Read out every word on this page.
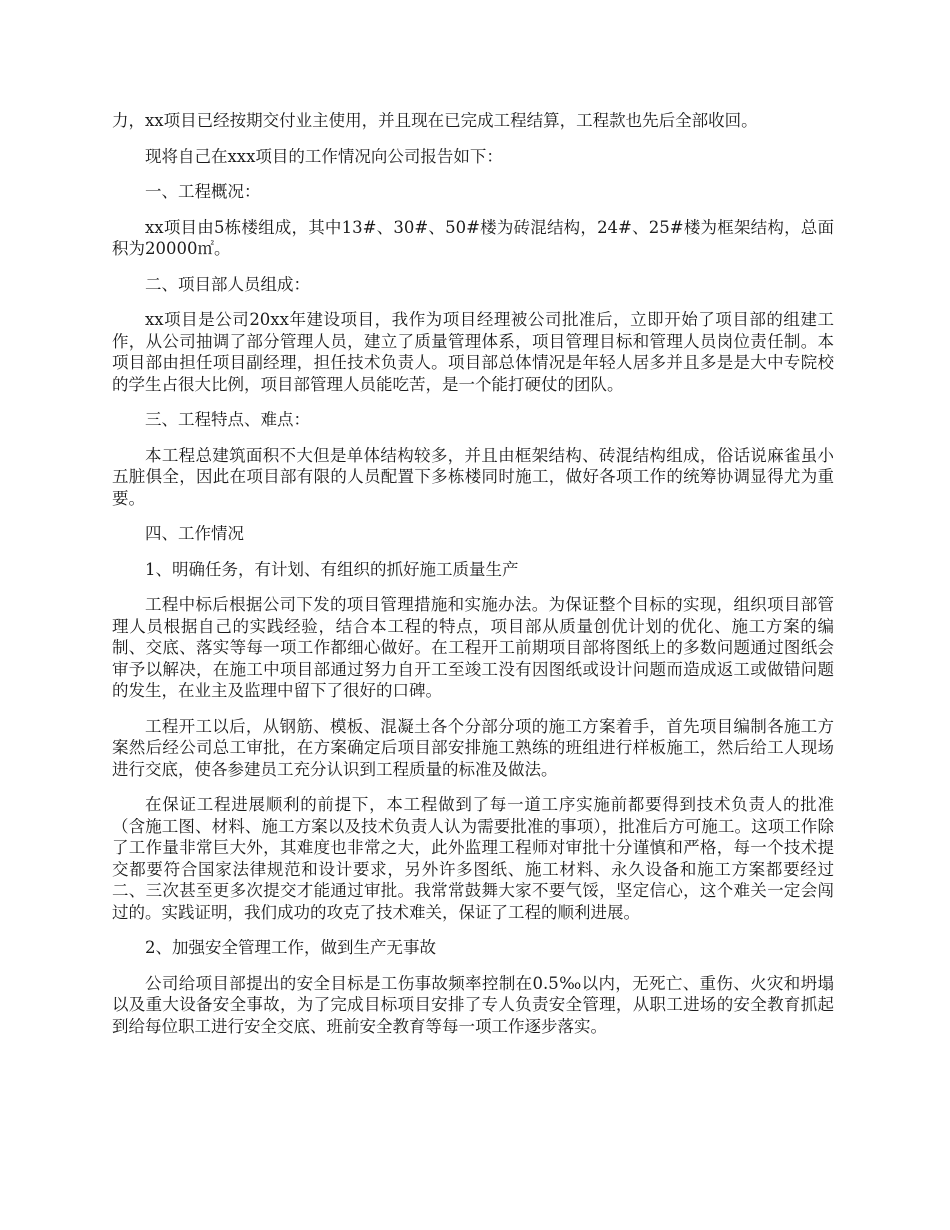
力，xx项目已经按期交付业主使用，并且现在已完成工程结算，工程款也先后全部收回。

现将自己在xxx项目的工作情况向公司报告如下：

一、工程概况：

xx项目由5栋楼组成，其中13#、30#、50#楼为砖混结构，24#、25#楼为框架结构，总面积为20000㎡。

二、项目部人员组成：

xx项目是公司20xx年建设项目，我作为项目经理被公司批准后，立即开始了项目部的组建工作，从公司抽调了部分管理人员，建立了质量管理体系，项目管理目标和管理人员岗位责任制。本项目部由担任项目副经理，担任技术负责人。项目部总体情况是年轻人居多并且多是是大中专院校的学生占很大比例，项目部管理人员能吃苦，是一个能打硬仗的团队。

三、工程特点、难点：

本工程总建筑面积不大但是单体结构较多，并且由框架结构、砖混结构组成，俗话说麻雀虽小五脏俱全，因此在项目部有限的人员配置下多栋楼同时施工，做好各项工作的统筹协调显得尤为重要。

四、工作情况

1、明确任务，有计划、有组织的抓好施工质量生产

工程中标后根据公司下发的项目管理措施和实施办法。为保证整个目标的实现，组织项目部管理人员根据自己的实践经验，结合本工程的特点，项目部从质量创优计划的优化、施工方案的编制、交底、落实等每一项工作都细心做好。在工程开工前期项目部将图纸上的多数问题通过图纸会审予以解决，在施工中项目部通过努力自开工至竣工没有因图纸或设计问题而造成返工或做错问题的发生，在业主及监理中留下了很好的口碑。

工程开工以后，从钢筋、模板、混凝土各个分部分项的施工方案着手，首先项目编制各施工方案然后经公司总工审批，在方案确定后项目部安排施工熟练的班组进行样板施工，然后给工人现场进行交底，使各参建员工充分认识到工程质量的标准及做法。

在保证工程进展顺利的前提下，本工程做到了每一道工序实施前都要得到技术负责人的批准（含施工图、材料、施工方案以及技术负责人认为需要批准的事项），批准后方可施工。这项工作除了工作量非常巨大外，其难度也非常之大，此外监理工程师对审批十分谨慎和严格，每一个技术提交都要符合国家法律规范和设计要求，另外许多图纸、施工材料、永久设备和施工方案都要经过二、三次甚至更多次提交才能通过审批。我常常鼓舞大家不要气馁，坚定信心，这个难关一定会闯过的。实践证明，我们成功的攻克了技术难关，保证了工程的顺利进展。

2、加强安全管理工作，做到生产无事故

公司给项目部提出的安全目标是工伤事故频率控制在0.5‰以内，无死亡、重伤、火灾和坍塌以及重大设备安全事故，为了完成目标项目安排了专人负责安全管理，从职工进场的安全教育抓起到给每位职工进行安全交底、班前安全教育等每一项工作逐步落实。
